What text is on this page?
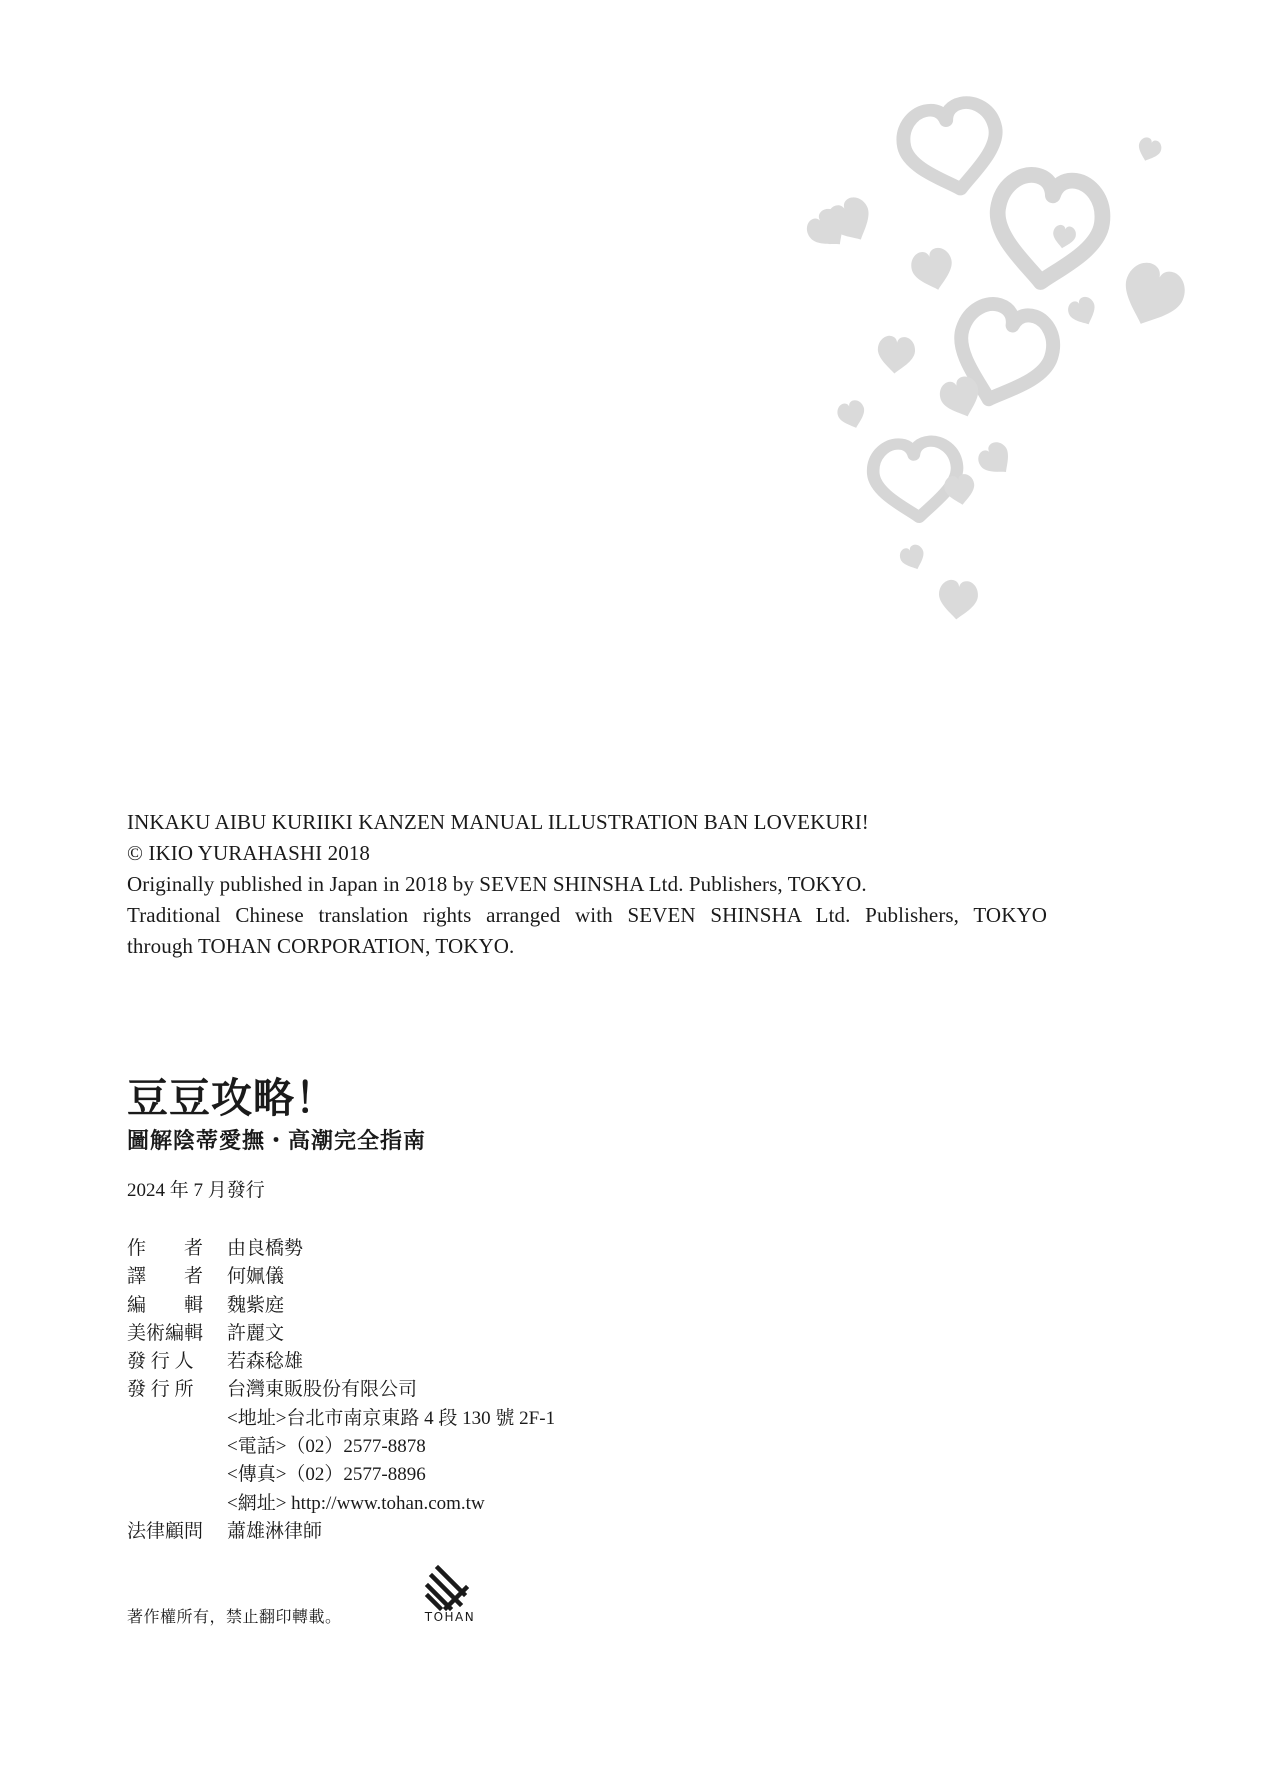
INKAKU AIBU KURIIKI KANZEN MANUAL ILLUSTRATION BAN LOVEKURI!
© IKIO YURAHASHI 2018
Originally published in Japan in 2018 by SEVEN SHINSHA Ltd. Publishers, TOKYO.
Traditional Chinese translation rights arranged with SEVEN SHINSHA Ltd. Publishers, TOKYO
through TOHAN CORPORATION, TOKYO.
豆豆攻略！
圖解陰蒂愛撫・高潮完全指南
2024 年 7 月發行
作　　者	由良橋勢
譯　　者	何姵儀
編　　輯	魏紫庭
美術編輯	許麗文
發 行 人	若森稔雄
發 行 所	台灣東販股份有限公司
<地址>台北市南京東路 4 段 130 號 2F-1
<電話>（02）2577-8878
<傳真>（02）2577-8896
<網址> http://www.tohan.com.tw
法律顧問	蕭雄淋律師
著作權所有，禁止翻印轉載。	TOHAN
